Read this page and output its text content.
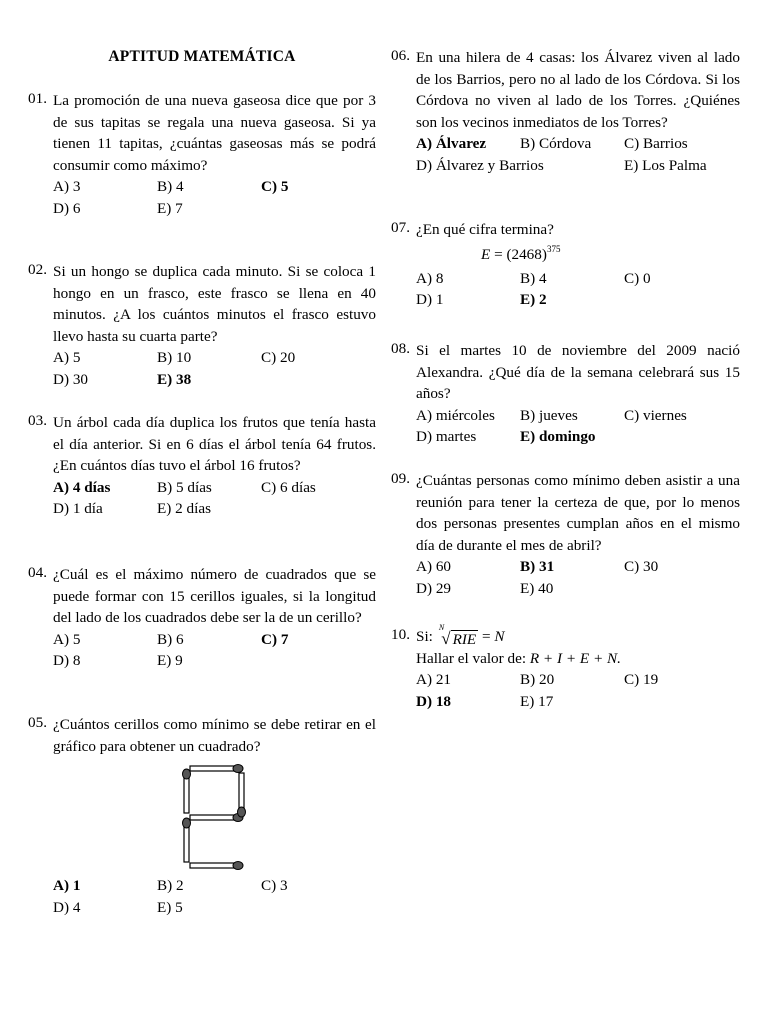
APTITUD MATEMÁTICA
01. La promoción de una nueva gaseosa dice que por 3 de sus tapitas se regala una nueva gaseosa. Si ya tienen 11 tapitas, ¿cuántas gaseosas más se podrá consumir como máximo?
A) 3	B) 4	C) 5
D) 6	E) 7
02. Si un hongo se duplica cada minuto. Si se coloca 1 hongo en un frasco, este frasco se llena en 40 minutos. ¿A los cuántos minutos el frasco estuvo llevo hasta su cuarta parte?
A) 5	B) 10	C) 20
D) 30	E) 38
03. Un árbol cada día duplica los frutos que tenía hasta el día anterior. Si en 6 días el árbol tenía 64 frutos. ¿En cuántos días tuvo el árbol 16 frutos?
A) 4 días	B) 5 días	C) 6 días
D) 1 día	E) 2 días
04. ¿Cuál es el máximo número de cuadrados que se puede formar con 15 cerillos iguales, si la longitud del lado de los cuadrados debe ser la de un cerillo?
A) 5	B) 6	C) 7
D) 8	E) 9
05. ¿Cuántos cerillos como mínimo se debe retirar en el gráfico para obtener un cuadrado?
A) 1	B) 2	C) 3
D) 4	E) 5
06. En una hilera de 4 casas: los Álvarez viven al lado de los Barrios, pero no al lado de los Córdova. Si los Córdova no viven al lado de los Torres. ¿Quiénes son los vecinos inmediatos de los Torres?
A) Álvarez	B) Córdova	C) Barrios
D) Álvarez y Barrios	E) Los Palma
07. ¿En qué cifra termina?
$E = (2468)^{375}$
A) 8	B) 4	C) 0
D) 1	E) 2
08. Si el martes 10 de noviembre del 2009 nació Alexandra. ¿Qué día de la semana celebrará sus 15 años?
A) miércoles	B) jueves	C) viernes
D) martes	E) domingo
09. ¿Cuántas personas como mínimo deben asistir a una reunión para tener la certeza de que, por lo menos dos personas presentes cumplan años en el mismo día de durante el mes de abril?
A) 60	B) 31	C) 30
D) 29	E) 40
10. Si:
N
√ RIE = N
Hallar el valor de: R + I + E + N.
A) 21	B) 20	C) 19
D) 18	E) 17
